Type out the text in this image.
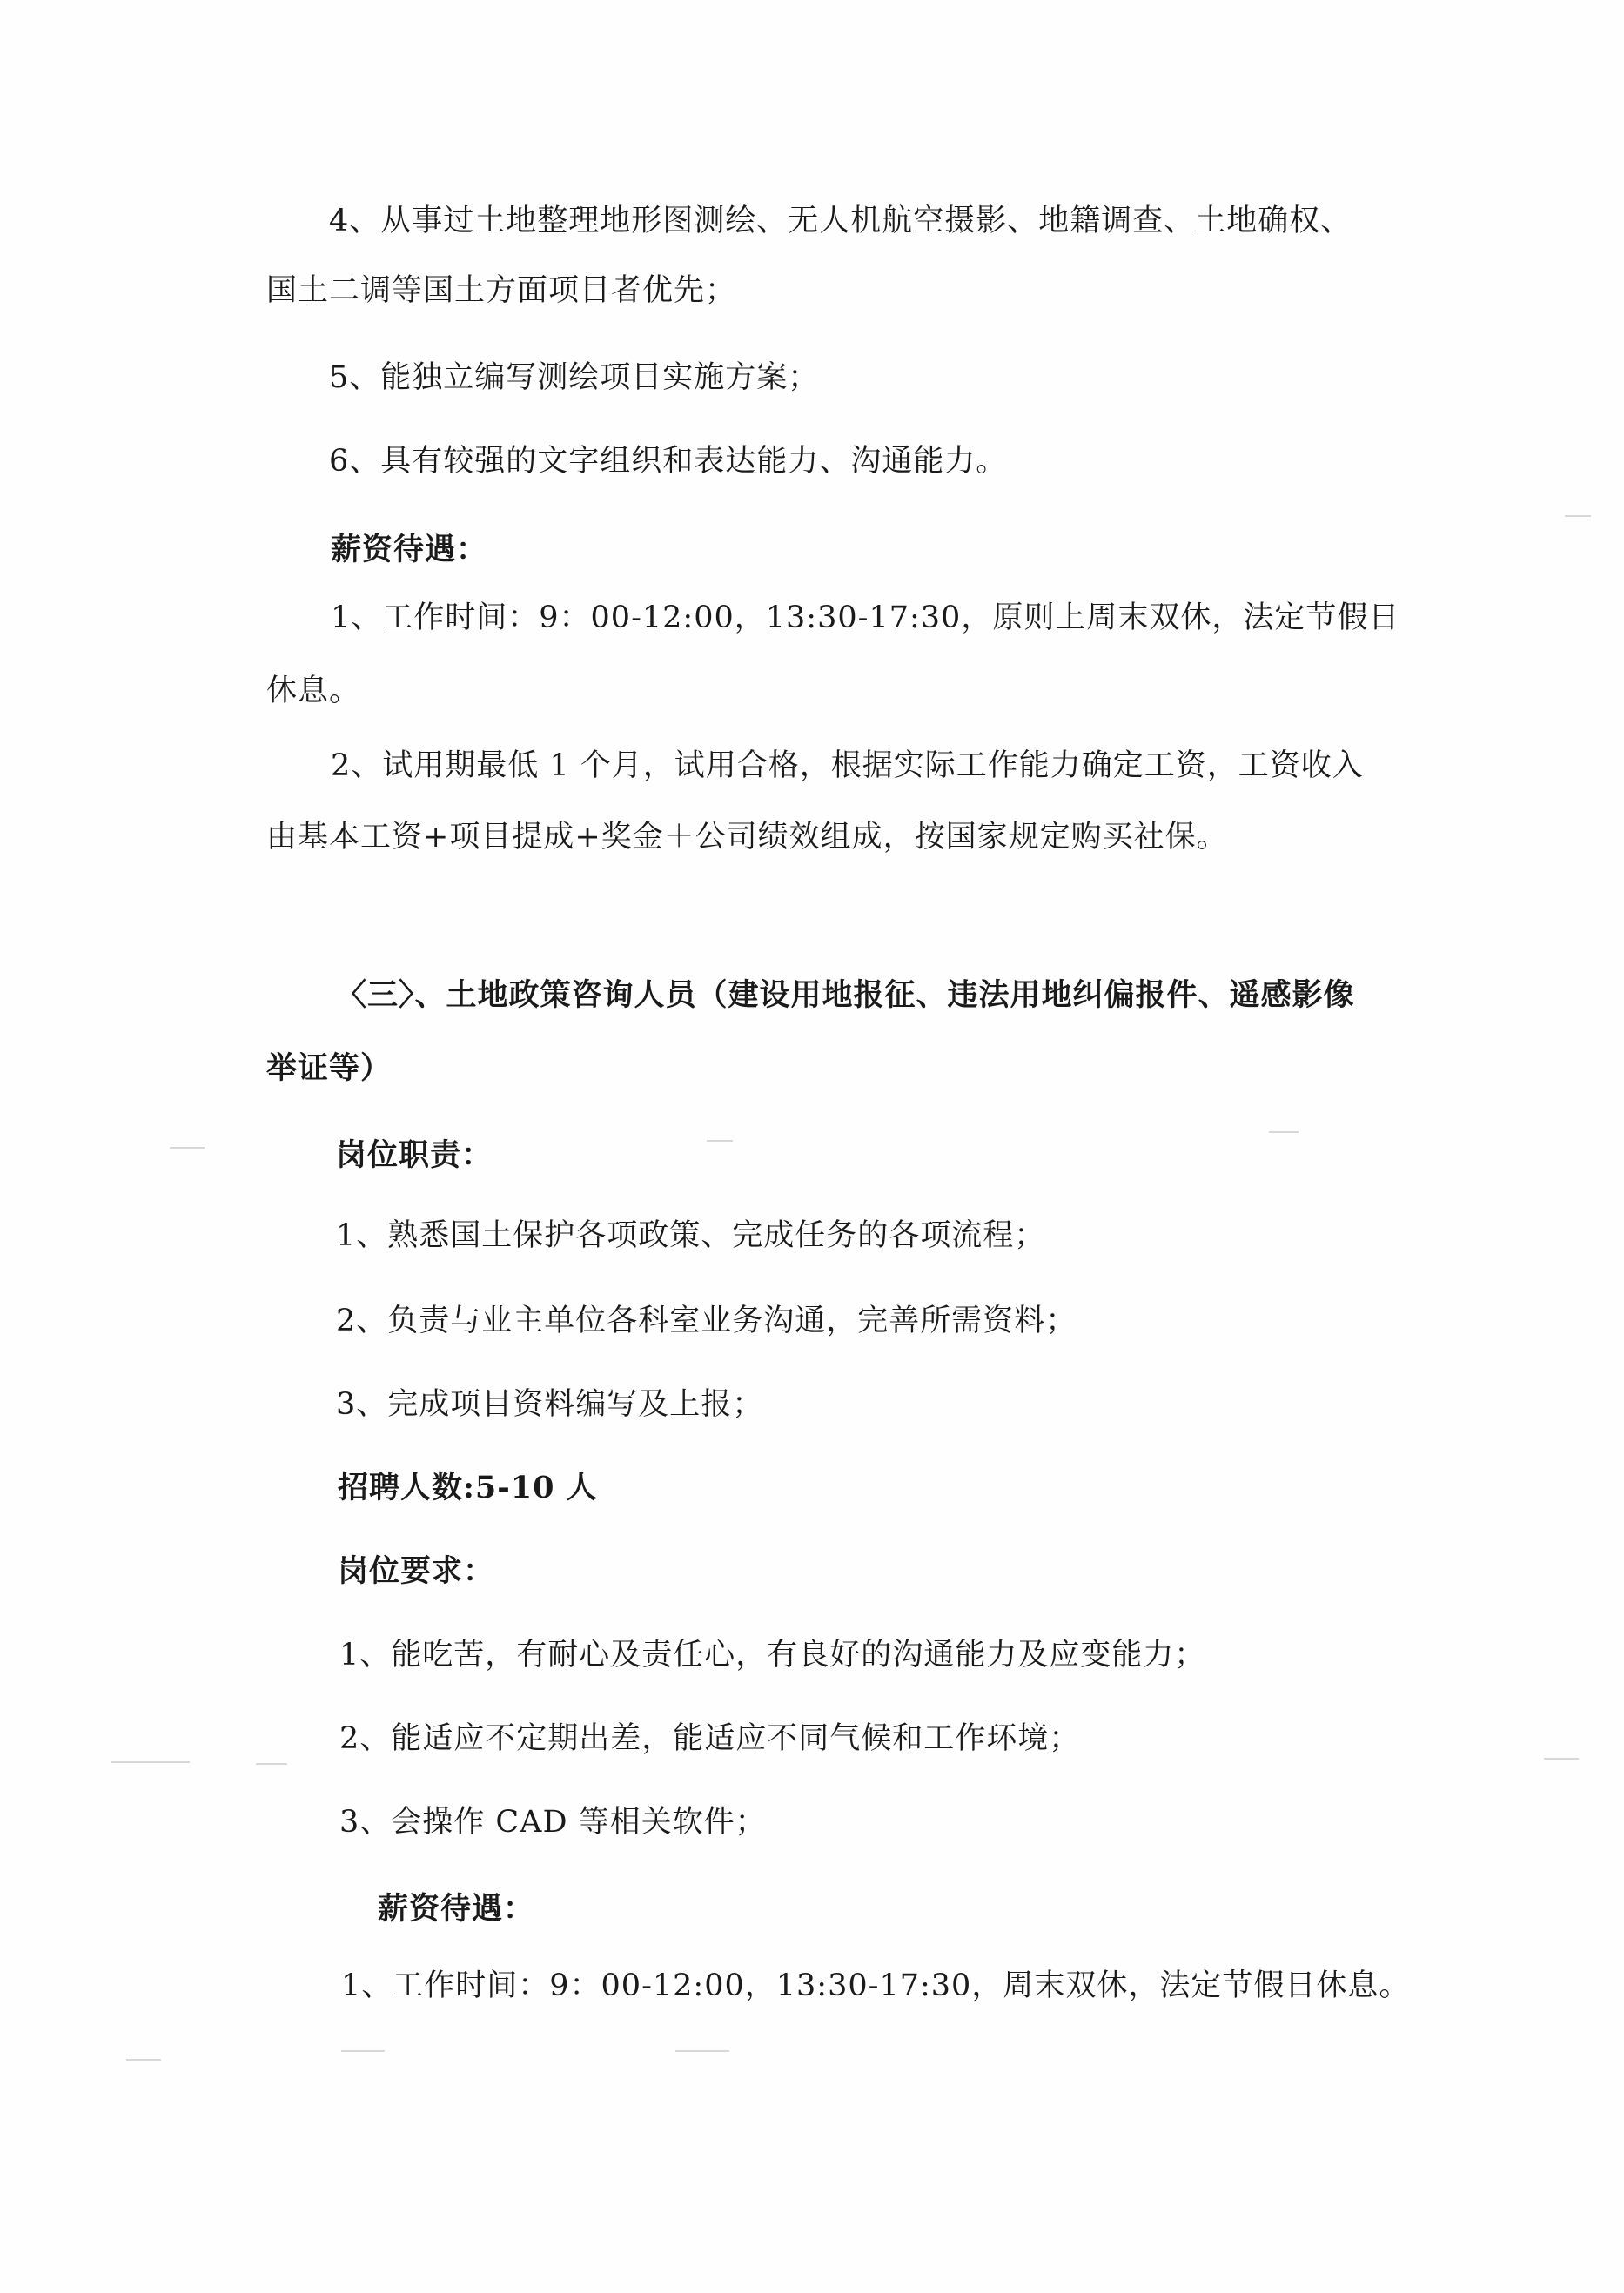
4、从事过土地整理地形图测绘、无人机航空摄影、地籍调查、土地确权、
国土二调等国土方面项目者优先；
5、能独立编写测绘项目实施方案；
6、具有较强的文字组织和表达能力、沟通能力。
薪资待遇：
1、工作时间：9：00-12:00，13:30-17:30，原则上周末双休，法定节假日
休息。
2、试用期最低 1 个月，试用合格，根据实际工作能力确定工资，工资收入
由基本工资+项目提成+奖金＋公司绩效组成，按国家规定购买社保。
〈三〉、土地政策咨询人员（建设用地报征、违法用地纠偏报件、遥感影像
举证等）
岗位职责：
1、熟悉国土保护各项政策、完成任务的各项流程；
2、负责与业主单位各科室业务沟通，完善所需资料；
3、完成项目资料编写及上报；
招聘人数:5-10 人
岗位要求：
1、能吃苦，有耐心及责任心，有良好的沟通能力及应变能力；
2、能适应不定期出差，能适应不同气候和工作环境；
3、会操作 CAD 等相关软件；
薪资待遇：
1、工作时间：9：00-12:00，13:30-17:30，周末双休，法定节假日休息。
